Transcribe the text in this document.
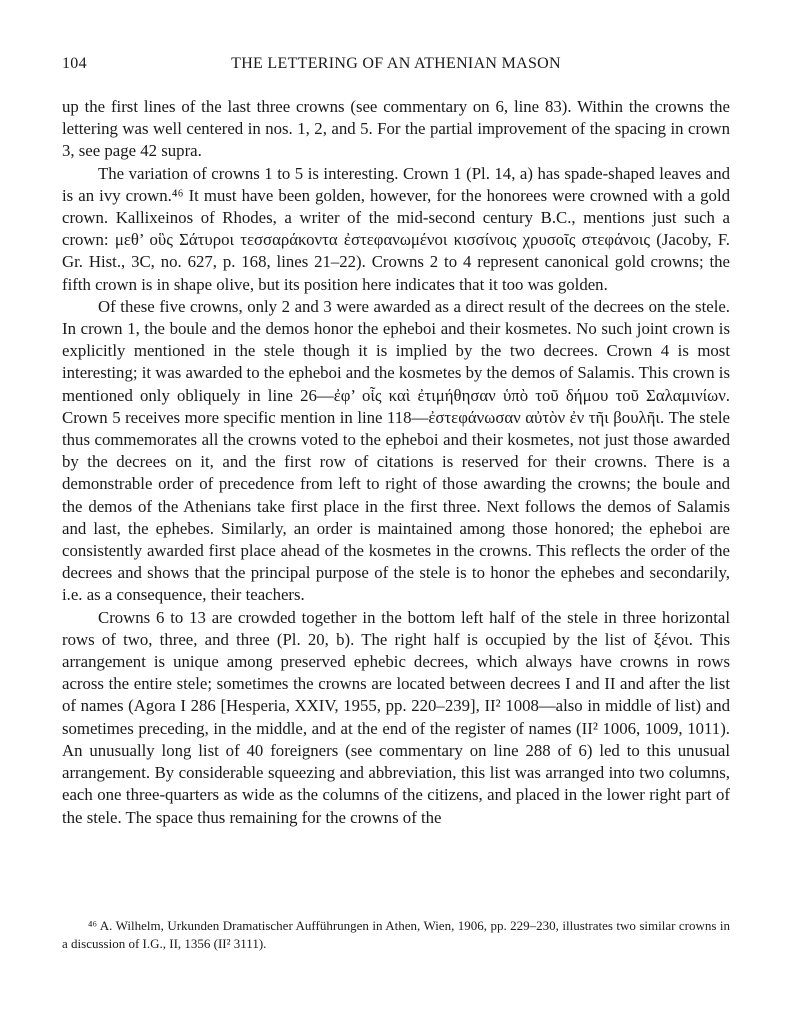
104	THE LETTERING OF AN ATHENIAN MASON

up the first lines of the last three crowns (see commentary on 6, line 83). Within the crowns the lettering was well centered in nos. 1, 2, and 5. For the partial improvement of the spacing in crown 3, see page 42 supra.

The variation of crowns 1 to 5 is interesting. Crown 1 (Pl. 14, a) has spade-shaped leaves and is an ivy crown.⁴⁶ It must have been golden, however, for the honorees were crowned with a gold crown. Kallixeinos of Rhodes, a writer of the mid-second century B.C., mentions just such a crown: μεθ’ οὓς Σάτυροι τεσσαράκοντα ἐστεφανωμένοι κισσίνοις χρυσοῖς στεφάνοις (Jacoby, F. Gr. Hist., 3C, no. 627, p. 168, lines 21–22). Crowns 2 to 4 represent canonical gold crowns; the fifth crown is in shape olive, but its position here indicates that it too was golden.

Of these five crowns, only 2 and 3 were awarded as a direct result of the decrees on the stele. In crown 1, the boule and the demos honor the epheboi and their kosmetes. No such joint crown is explicitly mentioned in the stele though it is implied by the two decrees. Crown 4 is most interesting; it was awarded to the epheboi and the kosmetes by the demos of Salamis. This crown is mentioned only obliquely in line 26—ἐφ’ οἷς καὶ ἐτιμήθησαν ὑπὸ τοῦ δήμου τοῦ Σαλαμινίων. Crown 5 receives more specific mention in line 118—ἐστεφάνωσαν αὐτὸν ἐν τῆι βουλῆι. The stele thus commemorates all the crowns voted to the epheboi and their kosmetes, not just those awarded by the decrees on it, and the first row of citations is reserved for their crowns. There is a demonstrable order of precedence from left to right of those awarding the crowns; the boule and the demos of the Athenians take first place in the first three. Next follows the demos of Salamis and last, the ephebes. Similarly, an order is maintained among those honored; the epheboi are consistently awarded first place ahead of the kosmetes in the crowns. This reflects the order of the decrees and shows that the principal purpose of the stele is to honor the ephebes and secondarily, i.e. as a consequence, their teachers.

Crowns 6 to 13 are crowded together in the bottom left half of the stele in three horizontal rows of two, three, and three (Pl. 20, b). The right half is occupied by the list of ξένοι. This arrangement is unique among preserved ephebic decrees, which always have crowns in rows across the entire stele; sometimes the crowns are located between decrees I and II and after the list of names (Agora I 286 [Hesperia, XXIV, 1955, pp. 220–239], II² 1008—also in middle of list) and sometimes preceding, in the middle, and at the end of the register of names (II² 1006, 1009, 1011). An unusually long list of 40 foreigners (see commentary on line 288 of 6) led to this unusual arrangement. By considerable squeezing and abbreviation, this list was arranged into two columns, each one three-quarters as wide as the columns of the citizens, and placed in the lower right part of the stele. The space thus remaining for the crowns of the

⁴⁶ A. Wilhelm, Urkunden Dramatischer Aufführungen in Athen, Wien, 1906, pp. 229–230, illustrates two similar crowns in a discussion of I.G., II, 1356 (II² 3111).
